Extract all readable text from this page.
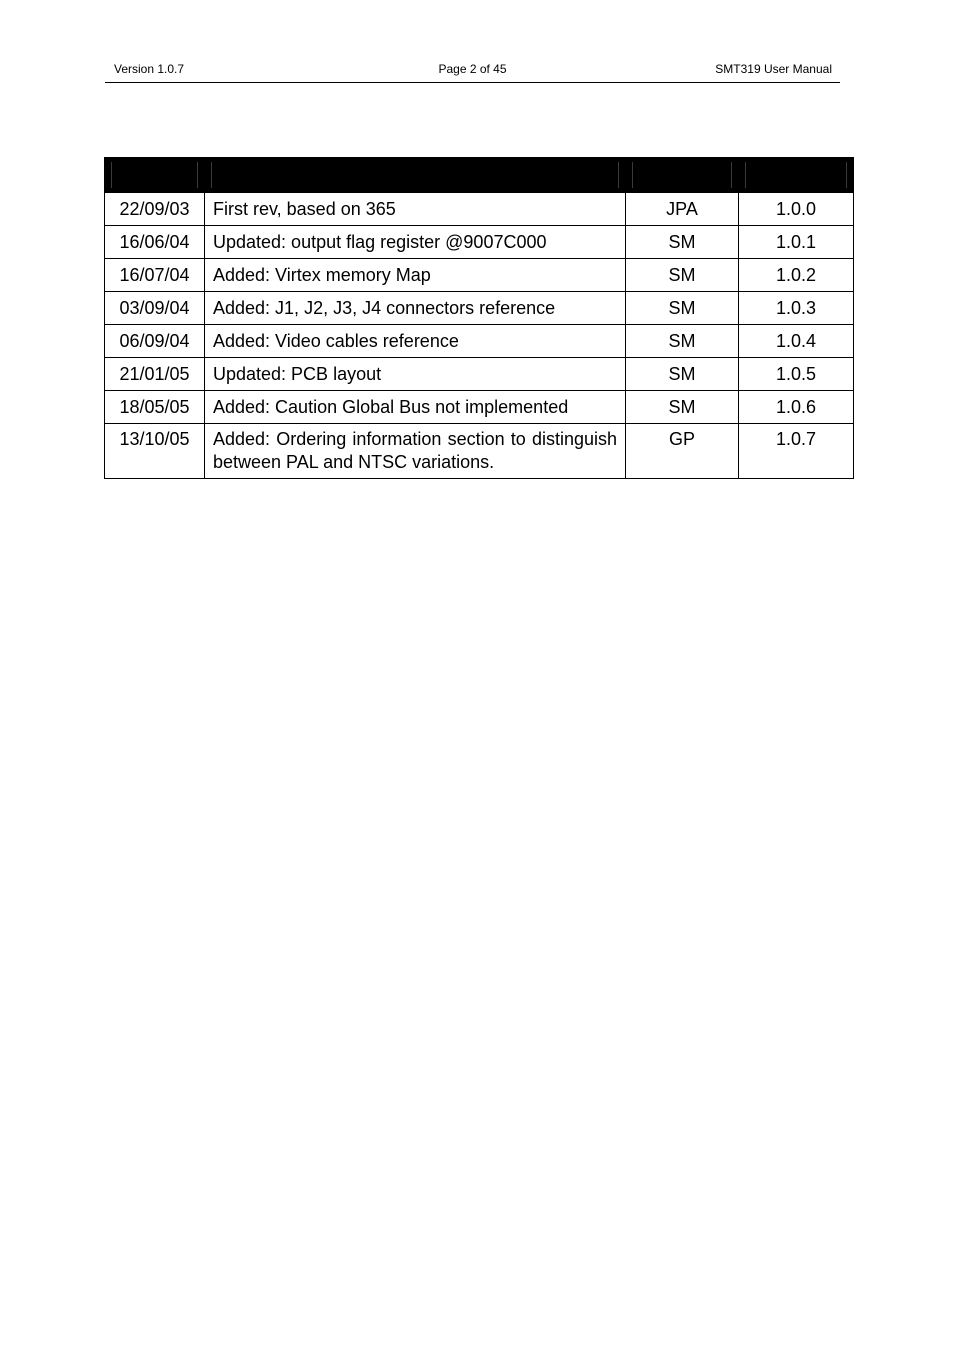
Version 1.0.7	Page 2 of 45	SMT319 User Manual

22/09/03	First rev, based on 365	JPA	1.0.0
16/06/04	Updated: output flag register @9007C000	SM	1.0.1
16/07/04	Added: Virtex memory Map	SM	1.0.2
03/09/04	Added: J1, J2, J3, J4 connectors reference	SM	1.0.3
06/09/04	Added: Video cables reference	SM	1.0.4
21/01/05	Updated: PCB layout	SM	1.0.5
18/05/05	Added: Caution Global Bus not implemented	SM	1.0.6
13/10/05	Added: Ordering information section to distinguish between PAL and NTSC variations.	GP	1.0.7
